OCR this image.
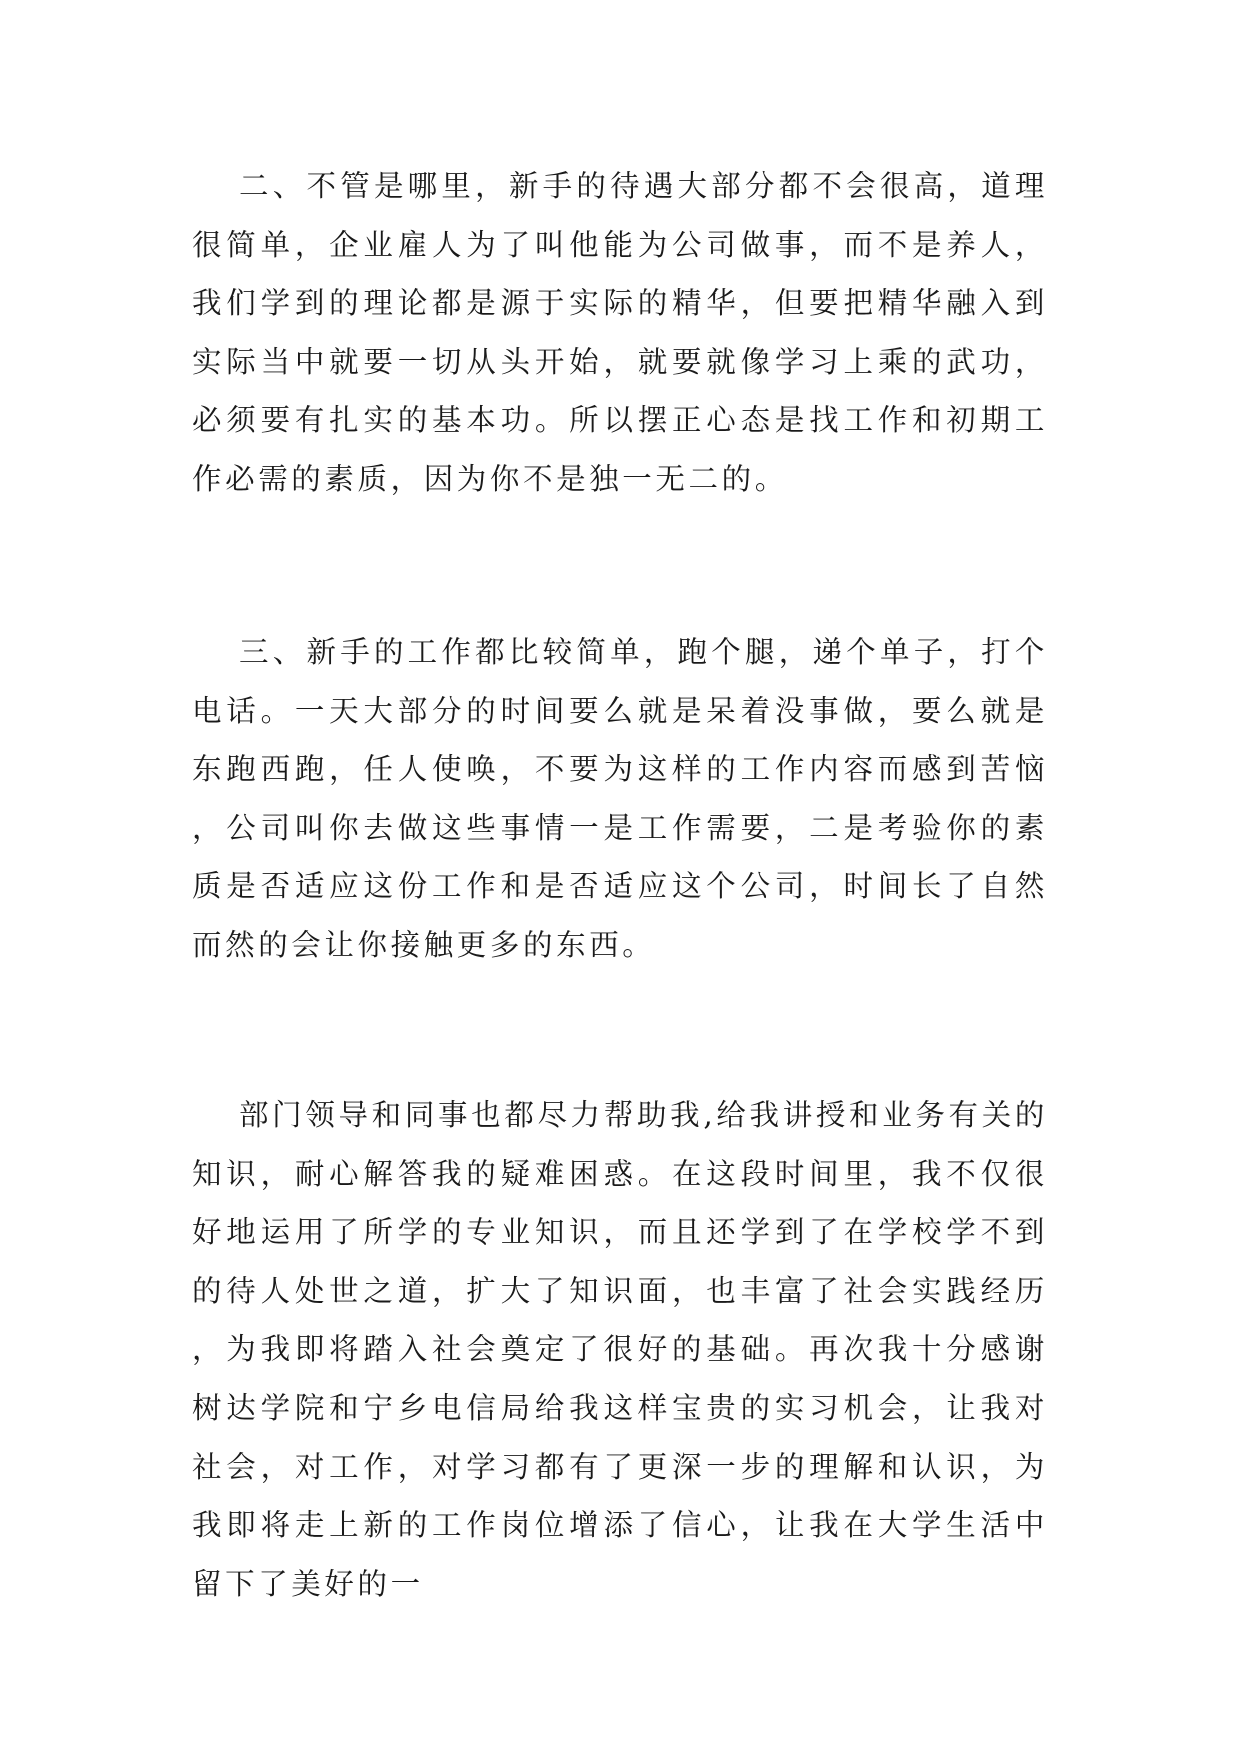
二、不管是哪里，新手的待遇大部分都不会很高，道理很简单，企业雇人为了叫他能为公司做事，而不是养人，我们学到的理论都是源于实际的精华，但要把精华融入到实际当中就要一切从头开始，就要就像学习上乘的武功，必须要有扎实的基本功。所以摆正心态是找工作和初期工作必需的素质，因为你不是独一无二的。

三、新手的工作都比较简单，跑个腿，递个单子，打个电话。一天大部分的时间要么就是呆着没事做，要么就是东跑西跑，任人使唤，不要为这样的工作内容而感到苦恼，公司叫你去做这些事情一是工作需要，二是考验你的素质是否适应这份工作和是否适应这个公司，时间长了自然而然的会让你接触更多的东西。

部门领导和同事也都尽力帮助我,给我讲授和业务有关的知识，耐心解答我的疑难困惑。在这段时间里，我不仅很好地运用了所学的专业知识，而且还学到了在学校学不到的待人处世之道，扩大了知识面，也丰富了社会实践经历，为我即将踏入社会奠定了很好的基础。再次我十分感谢树达学院和宁乡电信局给我这样宝贵的实习机会，让我对社会，对工作，对学习都有了更深一步的理解和认识，为我即将走上新的工作岗位增添了信心，让我在大学生活中留下了美好的一
